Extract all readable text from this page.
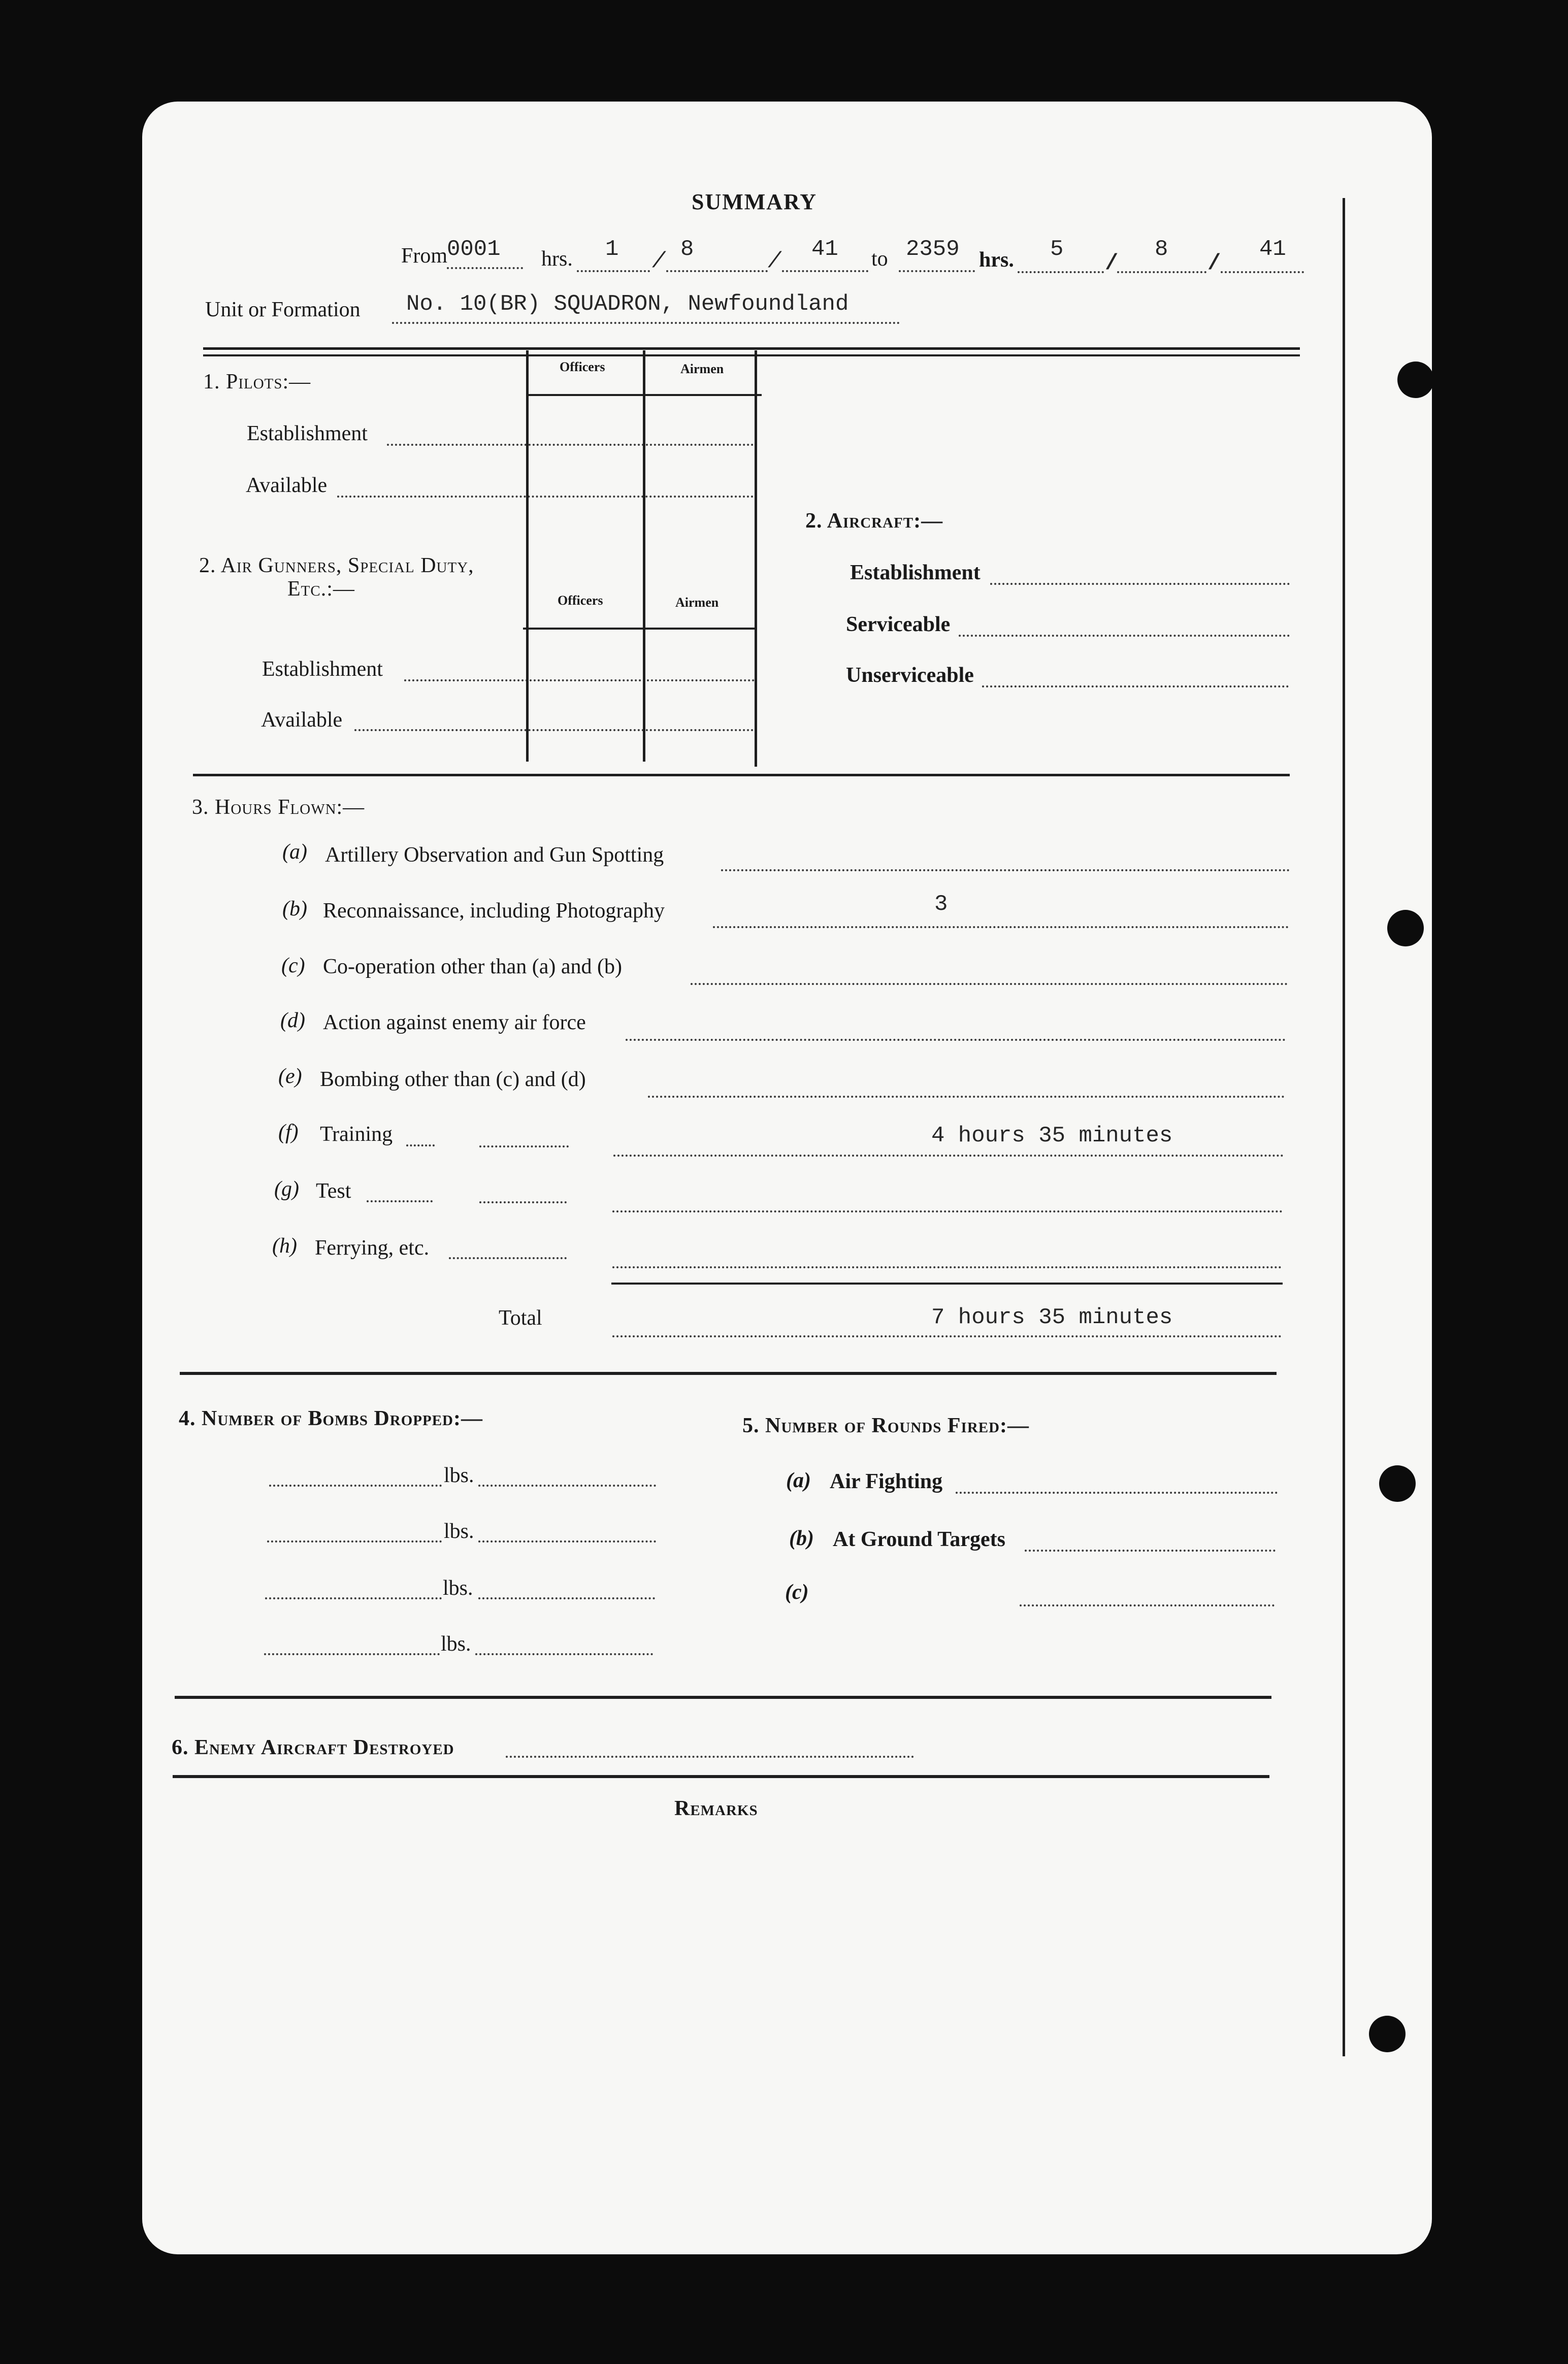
SUMMARY
From
0001 hrs. 1 / 8	/ 41 to 2359 hrs. 5
/
8
/
41
Unit or Formation No. 10(BR) SQUADRON, Newfoundland
1. Pilots:—
Officers	Airmen
Establishment
Available
2. Air Gunners, Special Duty,
Etc.:—	Officers	Airmen
Establishment
Available
2. Aircraft:—
Establishment
Serviceable
Unserviceable
3. Hours Flown:—
(a) Artillery Observation and Gun Spotting
(b) Reconnaissance, including Photography	3
(c) Co-operation other than (a) and (b)
(d) Action against enemy air force
(e) Bombing other than (c) and (d)
(f) Training	4 hours 35 minutes
(g) Test
(h) Ferrying, etc.
Total	7 hours 35 minutes
4. Number of Bombs Dropped:—
lbs.
lbs.
lbs.
lbs.
5. Number of Rounds Fired:—
(a) Air Fighting
(b) At Ground Targets
(c)
6. Enemy Aircraft Destroyed
Remarks
